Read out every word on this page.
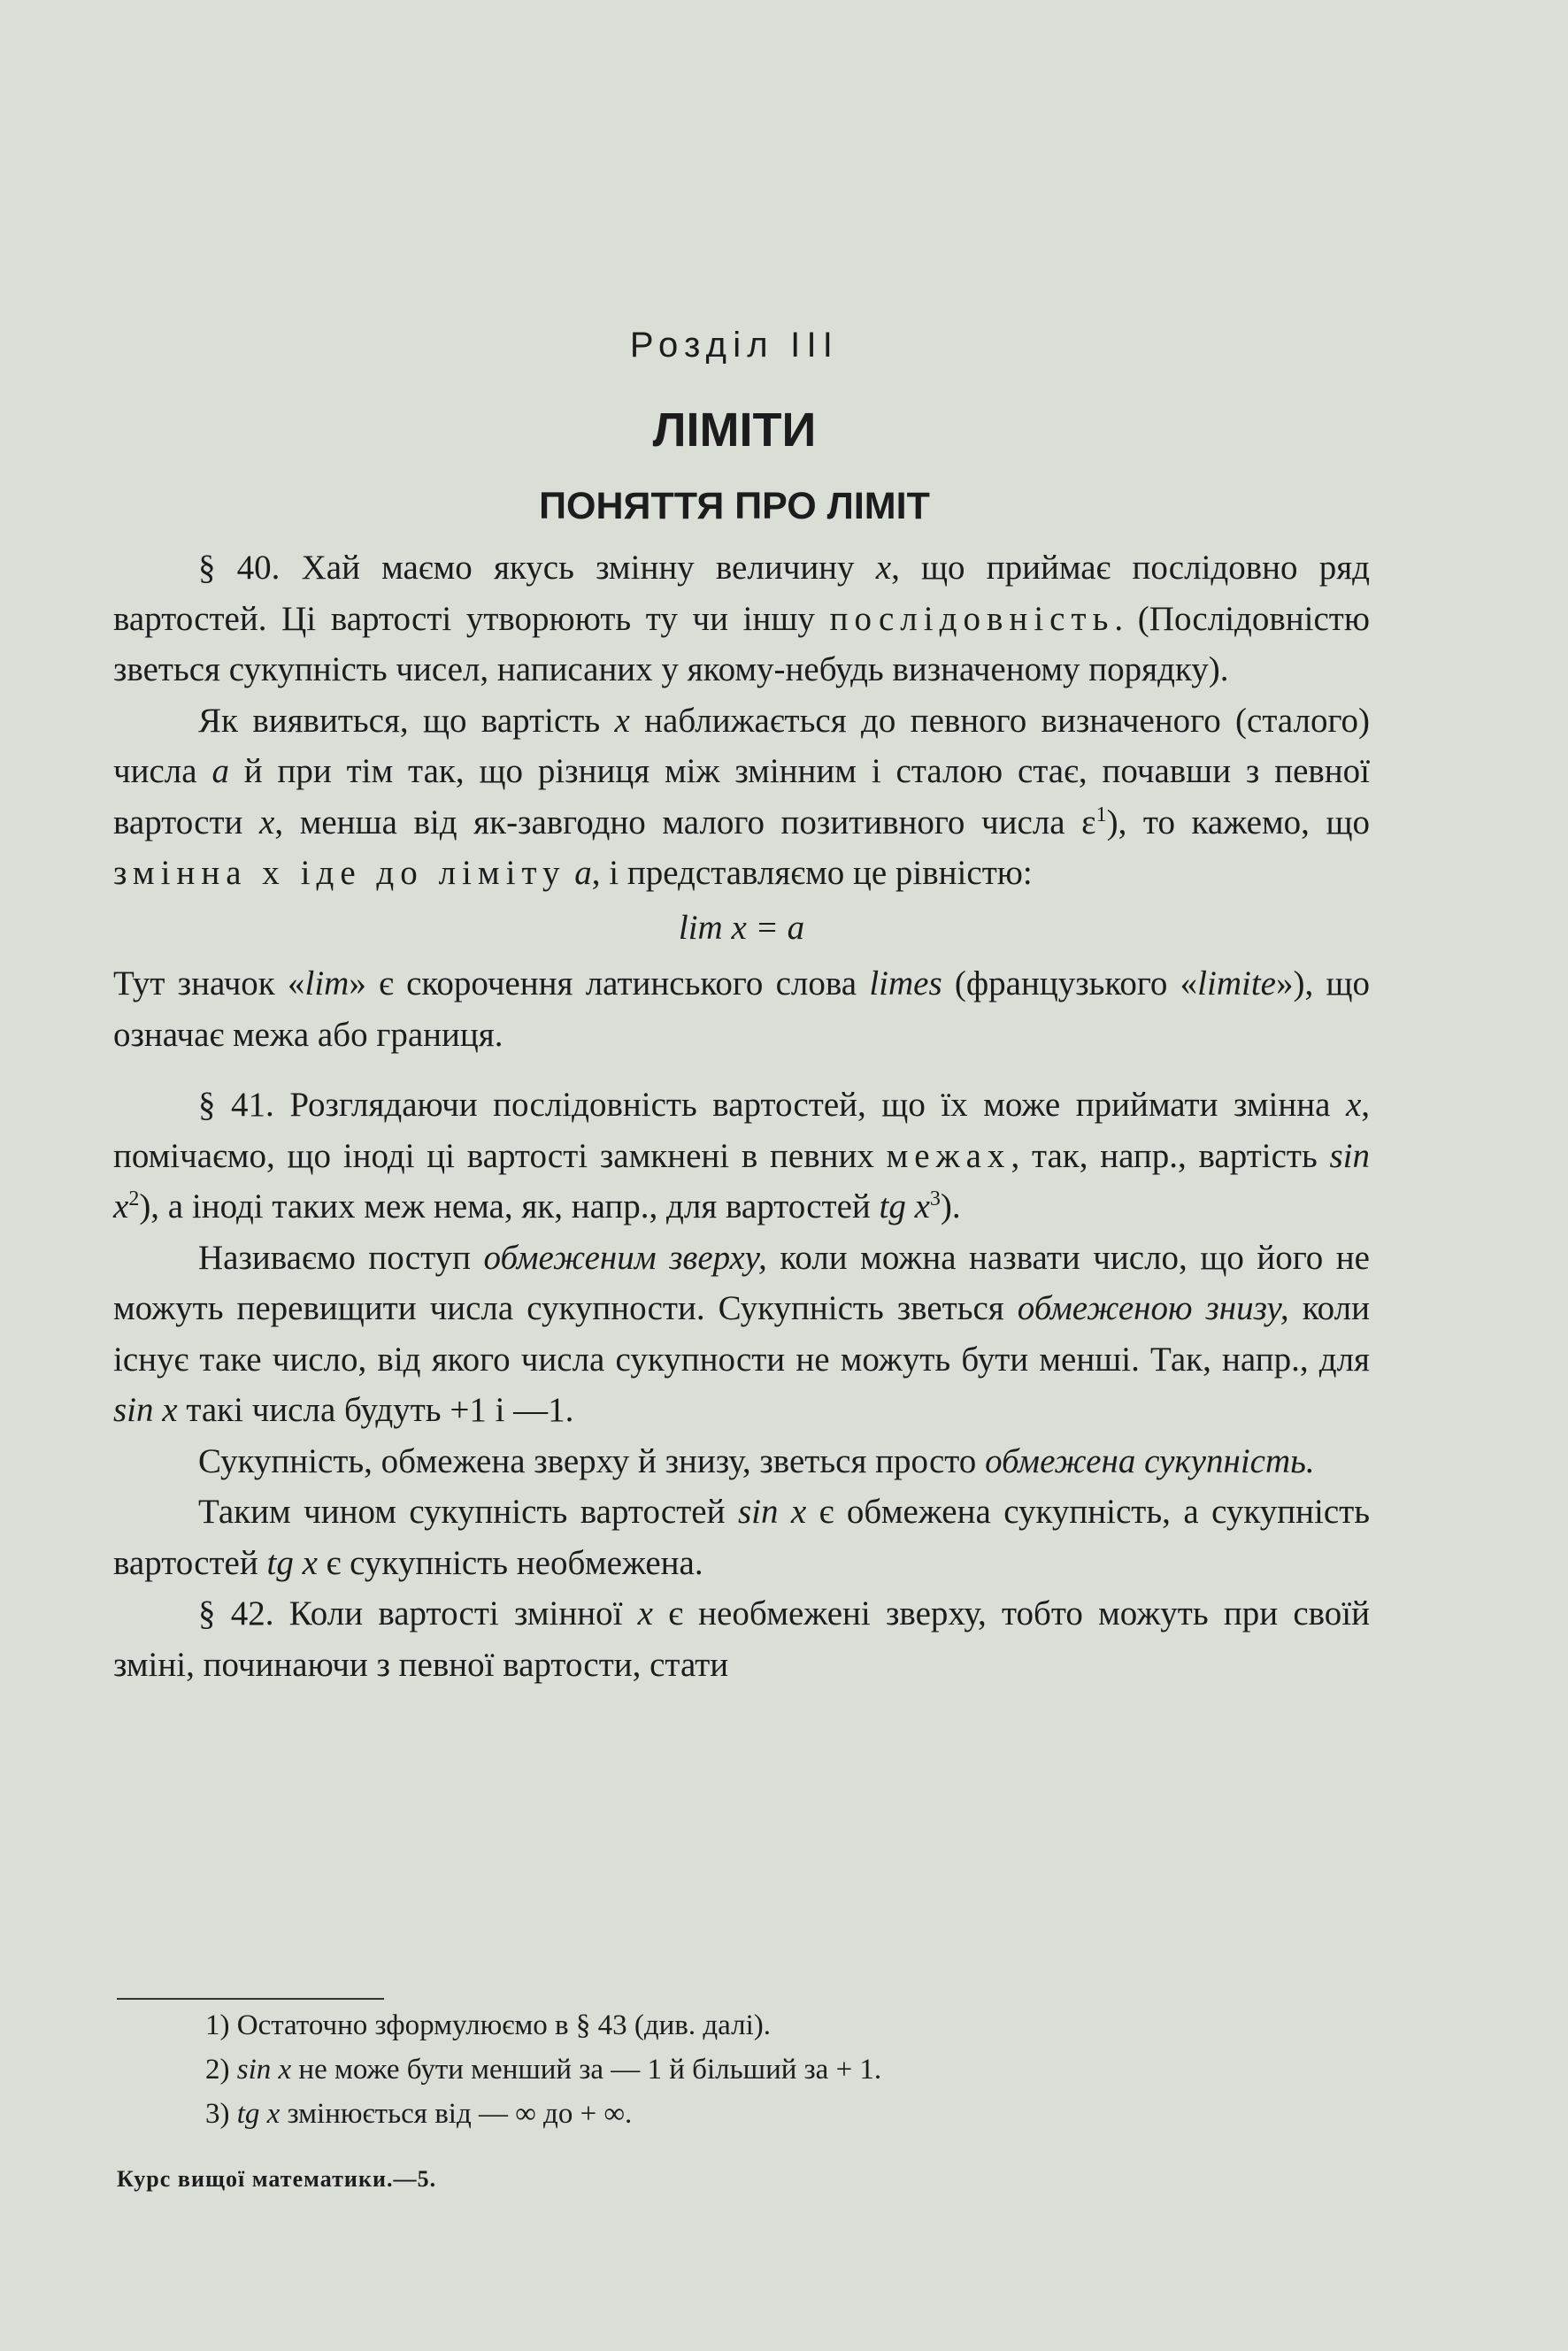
Розділ III
ЛІМІТИ
ПОНЯТТЯ ПРО ЛІМІТ

§ 40. Хай маємо якусь змінну величину x, що приймає послідовно ряд вартостей. Ці вартості утворюють ту чи іншу послідовність. (Послідовністю зветься сукупність чисел, написаних у якому-небудь визначеному порядку).

Як виявиться, що вартість x наближається до певного визначеного (сталого) числа a й при тім так, що різниця між змінним і сталою стає, почавши з певної вартости x, менша від як-завгодно малого позитивного числа $\varepsilon^1$), то кажемо, що змінна x іде до ліміту a, і представляємо це рівністю:

lim x = a

Тут значок «lim» є скорочення латинського слова limes (французького «limite»), що означає межа або границя.

§ 41. Розглядаючи послідовність вартостей, що їх може приймати змінна x, помічаємо, що іноді ці вартості замкнені в певних межах, так, напр., вартість $\sin x^2$), а іноді таких меж нема, як, напр., для вартостей tg $x^3$).

Називаємо поступ обмеженим зверху, коли можна назвати число, що його не можуть перевищити числа сукупности. Сукупність зветься обмеженою знизу, коли існує таке число, від якого числа сукупности не можуть бути менші. Так, напр., для sin x такі числа будуть +1 і —1.

Сукупність, обмежена зверху й знизу, зветься просто обмежена сукупність.

Таким чином сукупність вартостей sin x є обмежена сукупність, а сукупність вартостей tg x є сукупність необмежена.

§ 42. Коли вартості змінної x є необмежені зверху, тобто можуть при своїй зміні, починаючи з певної вартости, стати

1) Остаточно зформулюємо в § 43 (див. далі).
2) sin x не може бути менший за — 1 й більший за + 1.
3) tg x змінюється від — ∞ до + ∞.
Курс вищої математики.—5.
